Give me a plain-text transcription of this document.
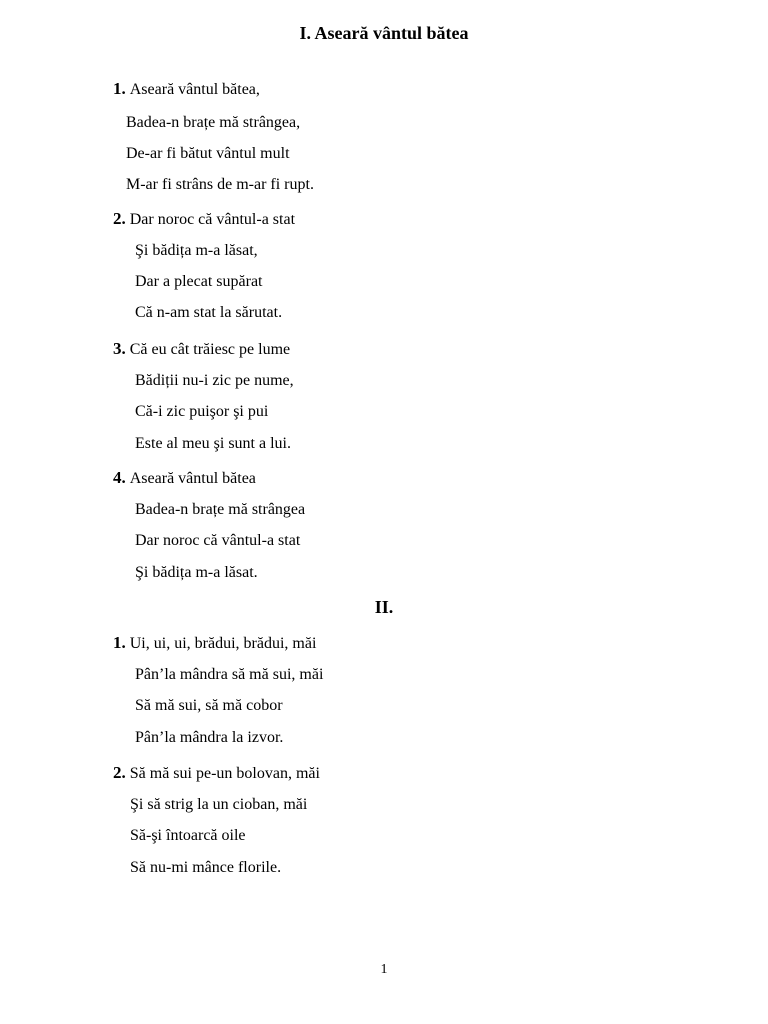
I. Aseară vântul bătea

1. Aseară vântul bătea,

Badea-n brațe mă strângea,

De-ar fi bătut vântul mult

M-ar fi strâns de m-ar fi rupt.

2. Dar noroc că vântul-a stat

Şi bădița m-a lăsat,

Dar a plecat supărat

Că n-am stat la sărutat.

3. Că eu cât trăiesc pe lume

Bădiții nu-i zic pe nume,

Că-i zic puişor şi pui

Este al meu şi sunt a lui.

4. Aseară vântul bătea

Badea-n brațe mă strângea

Dar noroc că vântul-a stat

Şi bădița m-a lăsat.

II.

1. Ui, ui, ui, brădui, brădui, măi

Pân’la mândra să mă sui, măi

Să mă sui, să mă cobor

Pân’la mândra la izvor.

2. Să mă sui pe-un bolovan, măi

Şi să strig la un cioban, măi

Să-şi întoarcă oile

Să nu-mi mânce florile.

1
